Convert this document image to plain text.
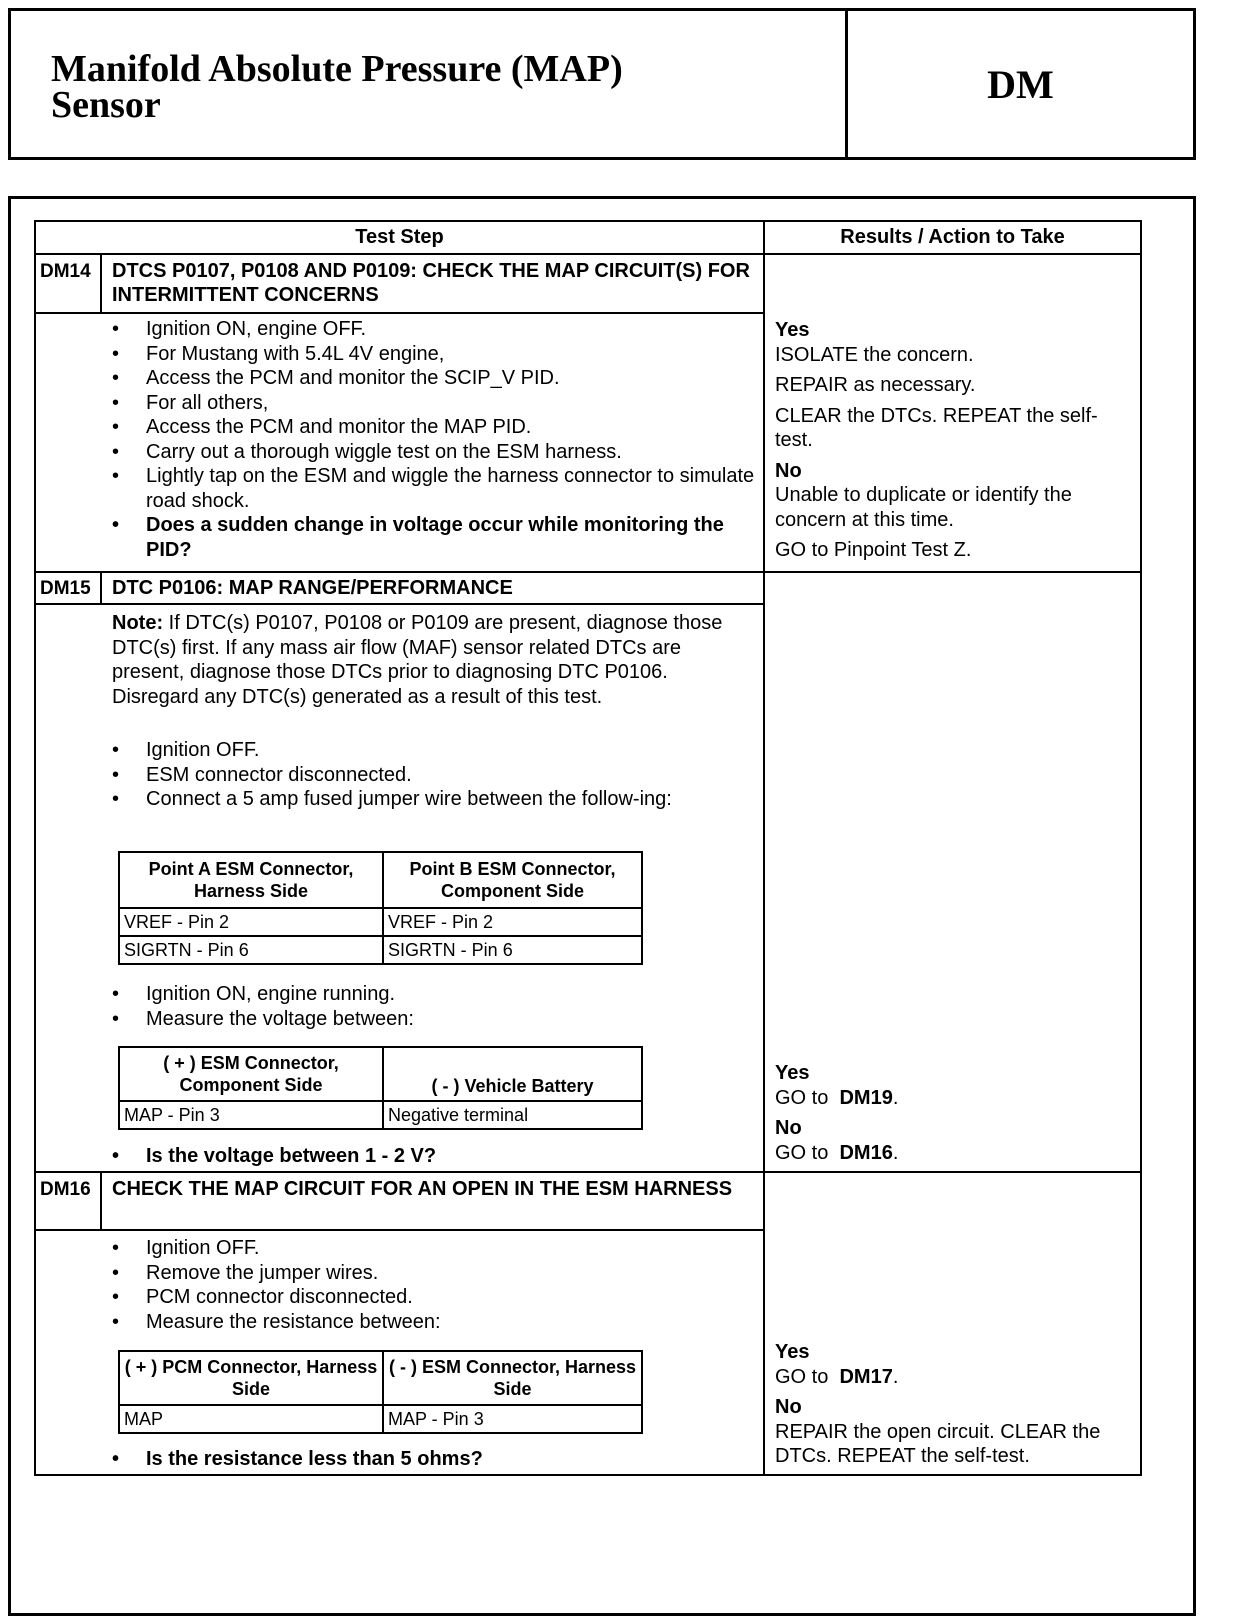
Manifold Absolute Pressure (MAP)
Sensor	DM
Test Step	Results / Action to Take
DM14 DTCS P0107, P0108 AND P0109: CHECK THE MAP CIRCUIT(S) FOR INTERMITTENT CONCERNS
• Ignition ON, engine OFF.
• For Mustang with 5.4L 4V engine,
• Access the PCM and monitor the SCIP_V PID.
• For all others,
• Access the PCM and monitor the MAP PID.
• Carry out a thorough wiggle test on the ESM harness.
• Lightly tap on the ESM and wiggle the harness connector to simulate road shock.
• Does a sudden change in voltage occur while monitoring the PID?
Yes
ISOLATE the concern.
REPAIR as necessary.
CLEAR the DTCs. REPEAT the self-test.
No
Unable to duplicate or identify the concern at this time.
GO to Pinpoint Test Z.
DM15 DTC P0106: MAP RANGE/PERFORMANCE
Note: If DTC(s) P0107, P0108 or P0109 are present, diagnose those DTC(s) first. If any mass air flow (MAF) sensor related DTCs are present, diagnose those DTCs prior to diagnosing DTC P0106. Disregard any DTC(s) generated as a result of this test.
• Ignition OFF.
• ESM connector disconnected.
• Connect a 5 amp fused jumper wire between the follow-ing:
Point A ESM Connector, Harness Side	Point B ESM Connector, Component Side
VREF - Pin 2	VREF - Pin 2
SIGRTN - Pin 6	SIGRTN - Pin 6
• Ignition ON, engine running.
• Measure the voltage between:
( + ) ESM Connector, Component Side	( - ) Vehicle Battery
MAP - Pin 3	Negative terminal
• Is the voltage between 1 - 2 V?
Yes
GO to DM19.
No
GO to DM16.
DM16 CHECK THE MAP CIRCUIT FOR AN OPEN IN THE ESM HARNESS
• Ignition OFF.
• Remove the jumper wires.
• PCM connector disconnected.
• Measure the resistance between:
( + ) PCM Connector, Harness Side	( - ) ESM Connector, Harness Side
MAP	MAP - Pin 3
• Is the resistance less than 5 ohms?
Yes
GO to DM17.
No
REPAIR the open circuit. CLEAR the DTCs. REPEAT the self-test.
